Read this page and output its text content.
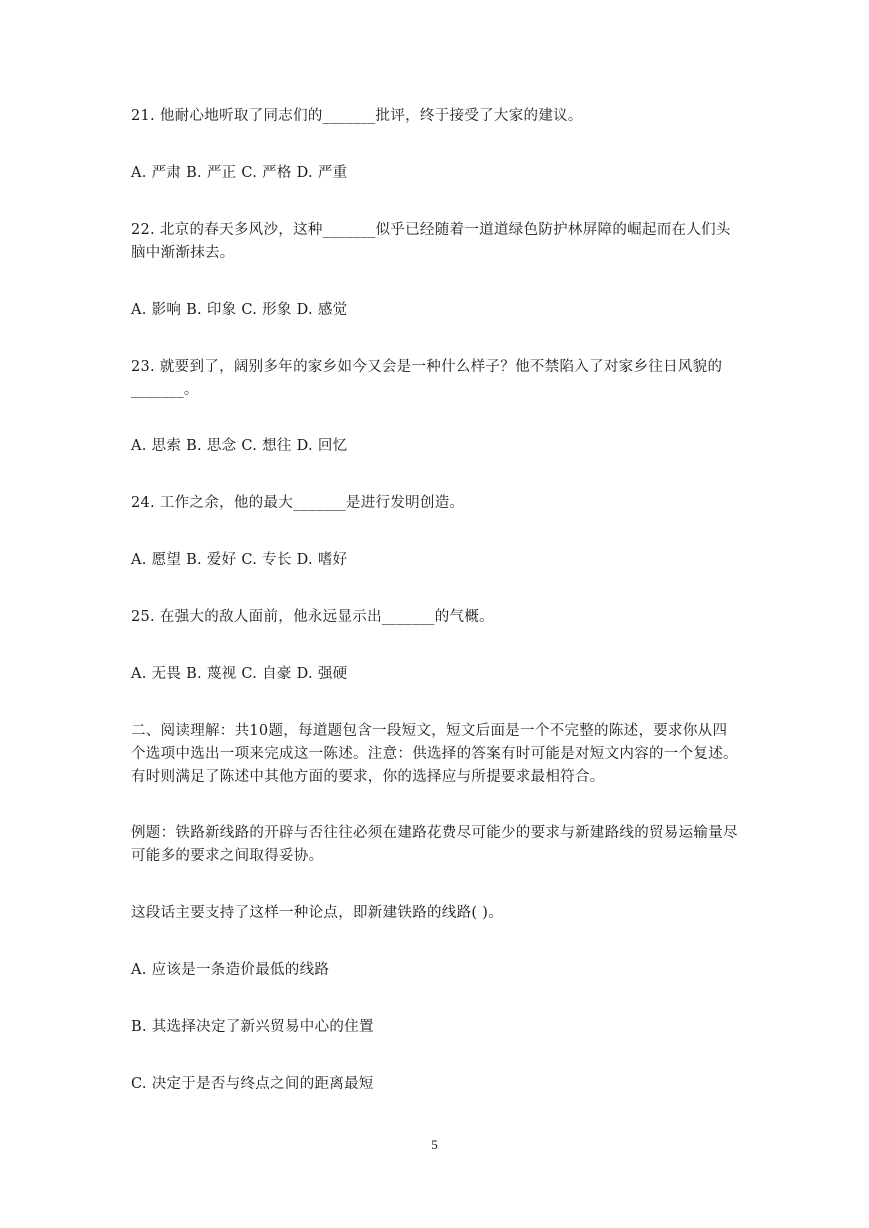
21. 他耐心地听取了同志们的_______批评，终于接受了大家的建议。

A. 严肃 B. 严正 C. 严格 D. 严重

22. 北京的春天多风沙，这种_______似乎已经随着一道道绿色防护林屏障的崛起而在人们头脑中渐渐抹去。

A. 影响 B. 印象 C. 形象 D. 感觉

23. 就要到了，阔别多年的家乡如今又会是一种什么样子？他不禁陷入了对家乡往日风貌的_______。

A. 思索 B. 思念 C. 想往 D. 回忆

24. 工作之余，他的最大_______是进行发明创造。

A. 愿望 B. 爱好 C. 专长 D. 嗜好

25. 在强大的敌人面前，他永远显示出_______的气概。

A. 无畏 B. 蔑视 C. 自豪 D. 强硬

二、阅读理解：共10题，每道题包含一段短文，短文后面是一个不完整的陈述，要求你从四个选项中选出一项来完成这一陈述。注意：供选择的答案有时可能是对短文内容的一个复述。有时则满足了陈述中其他方面的要求，你的选择应与所提要求最相符合。

例题：铁路新线路的开辟与否往往必须在建路花费尽可能少的要求与新建路线的贸易运输量尽可能多的要求之间取得妥协。

这段话主要支持了这样一种论点，即新建铁路的线路( )。

A. 应该是一条造价最低的线路

B. 其选择决定了新兴贸易中心的住置

C. 决定于是否与终点之间的距离最短

5
